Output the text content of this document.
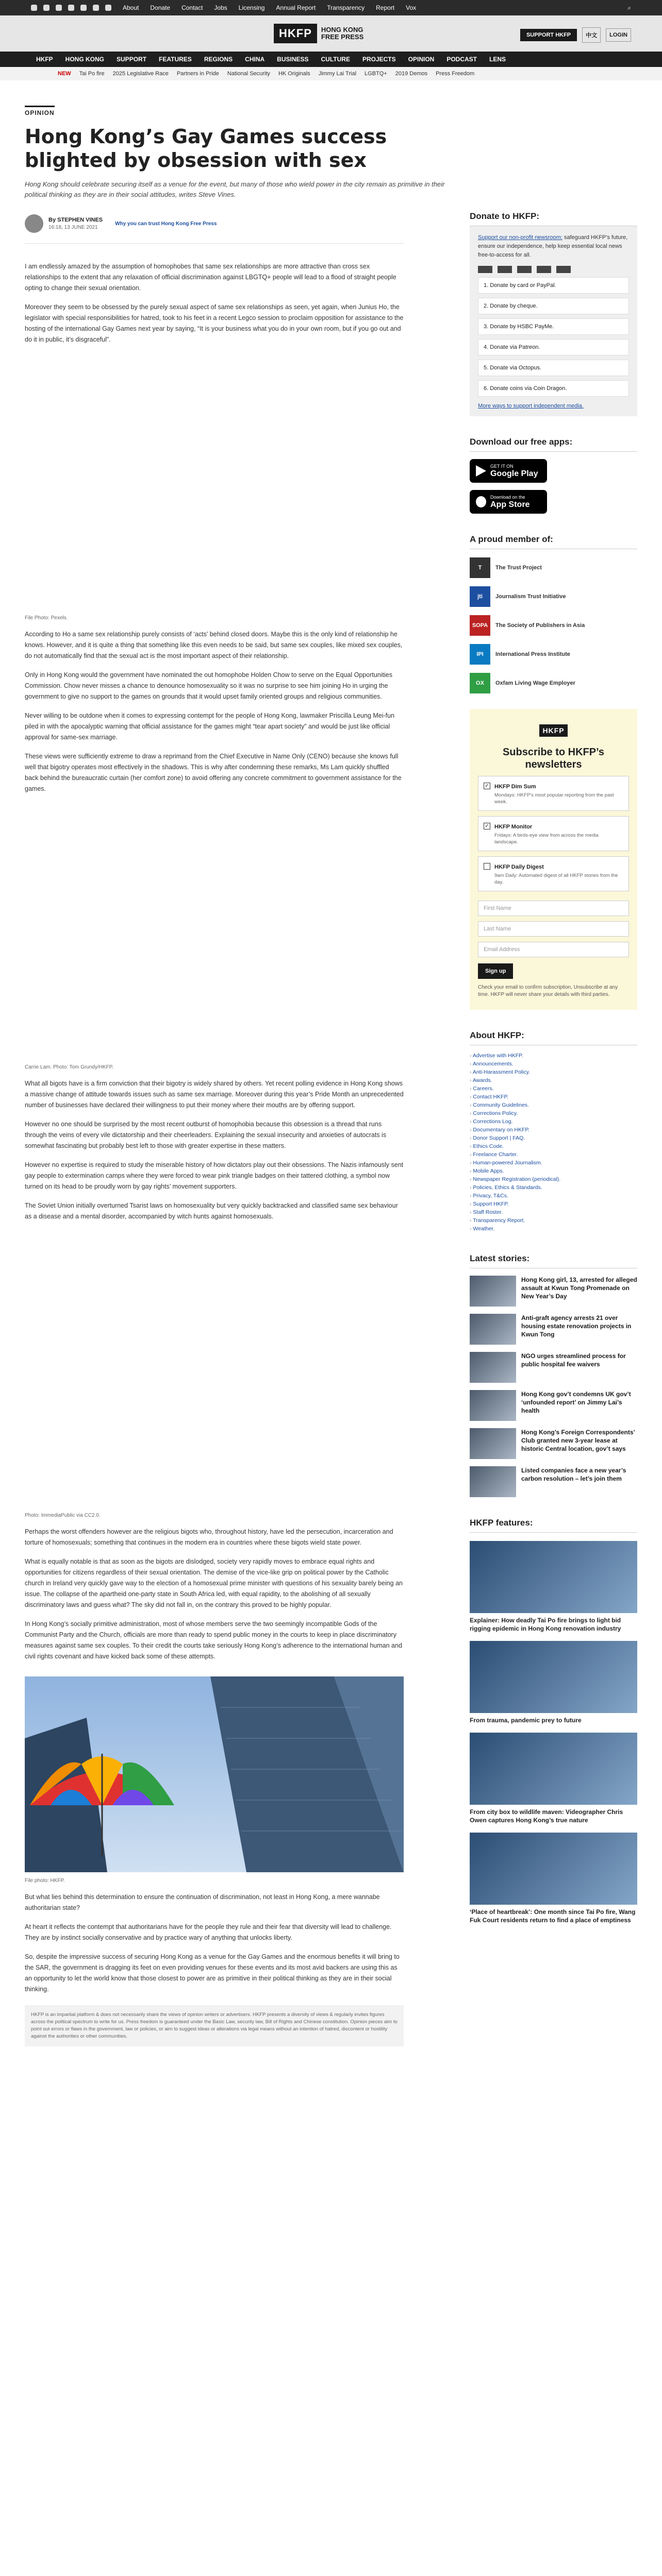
About Donate Contact Jobs Licensing Annual Report Transparency Report Vox	⌕
HKFP	HONG KONG
FREE PRESS	SUPPORT HKFP	中文	LOGIN
HKFP HONG KONG SUPPORT FEATURES REGIONS CHINA BUSINESS CULTURE PROJECTS OPINION PODCAST LENS
NEW Tai Po fire 2025 Legislative Race Partners in Pride National Security HK Originals Jimmy Lai Trial LGBTQ+ 2019 Demos Press Freedom
OPINION
Hong Kong’s Gay Games success blighted by obsession with sex

Hong Kong should celebrate securing itself as a venue for the event, but many of those who wield power in the city remain as primitive in their political thinking as they are in their social attitudes, writes Steve Vines.

By STEPHEN VINES
16:18, 13 JUNE 2021
Why you can trust Hong Kong Free Press

I am endlessly amazed by the assumption of homophobes that same sex relationships are more attractive than cross sex relationships to the extent that any relaxation of official discrimination against LBGTQ+ people will lead to a flood of straight people opting to change their sexual orientation.

Moreover they seem to be obsessed by the purely sexual aspect of same sex relationships as seen, yet again, when Junius Ho, the legislator with special responsibilities for hatred, took to his feet in a recent Legco session to proclaim opposition for assistance to the hosting of the international Gay Games next year by saying, “It is your business what you do in your own room, but if you go out and do it in public, it’s disgraceful”.

File Photo: Pexels.

According to Ho a same sex relationship purely consists of ‘acts’ behind closed doors. Maybe this is the only kind of relationship he knows. However, and it is quite a thing that something like this even needs to be said, but same sex couples, like mixed sex couples, do not automatically find that the sexual act is the most important aspect of their relationship.

Only in Hong Kong would the government have nominated the out homophobe Holden Chow to serve on the Equal Opportunities Commission. Chow never misses a chance to denounce homosexuality so it was no surprise to see him joining Ho in urging the government to give no support to the games on grounds that it would upset family oriented groups and religious communities.

Never willing to be outdone when it comes to expressing contempt for the people of Hong Kong, lawmaker Priscilla Leung Mei-fun piled in with the apocalyptic warning that official assistance for the games might “tear apart society” and would be just like official approval for same-sex marriage.

These views were sufficiently extreme to draw a reprimand from the Chief Executive in Name Only (CENO) because she knows full well that bigotry operates most effectively in the shadows. This is why after condemning these remarks, Ms Lam quickly shuffled back behind the bureaucratic curtain (her comfort zone) to avoid offering any concrete commitment to government assistance for the games.

Carrie Lam. Photo: Tom Grundy/HKFP.

What all bigots have is a firm conviction that their bigotry is widely shared by others. Yet recent polling evidence in Hong Kong shows a massive change of attitude towards issues such as same sex marriage. Moreover during this year’s Pride Month an unprecedented number of businesses have declared their willingness to put their money where their mouths are by offering support.

However no one should be surprised by the most recent outburst of homophobia because this obsession is a thread that runs through the veins of every vile dictatorship and their cheerleaders. Explaining the sexual insecurity and anxieties of autocrats is somewhat fascinating but probably best left to those with greater expertise in these matters.

However no expertise is required to study the miserable history of how dictators play out their obsessions. The Nazis infamously sent gay people to extermination camps where they were forced to wear pink triangle badges on their tattered clothing, a symbol now turned on its head to be proudly worn by gay rights’ movement supporters.

The Soviet Union initially overturned Tsarist laws on homosexuality but very quickly backtracked and classified same sex behaviour as a disease and a mental disorder, accompanied by witch hunts against homosexuals.

Photo: ImmediaPublic via CC2.0.

Perhaps the worst offenders however are the religious bigots who, throughout history, have led the persecution, incarceration and torture of homosexuals; something that continues in the modern era in countries where these bigots wield state power.

What is equally notable is that as soon as the bigots are dislodged, society very rapidly moves to embrace equal rights and opportunities for citizens regardless of their sexual orientation. The demise of the vice-like grip on political power by the Catholic church in Ireland very quickly gave way to the election of a homosexual prime minister with questions of his sexuality barely being an issue. The collapse of the apartheid one-party state in South Africa led, with equal rapidity, to the abolishing of all sexually discriminatory laws and guess what? The sky did not fall in, on the contrary this proved to be highly popular.

In Hong Kong’s socially primitive administration, most of whose members serve the two seemingly incompatible Gods of the Communist Party and the Church, officials are more than ready to spend public money in the courts to keep in place discriminatory measures against same sex couples. To their credit the courts take seriously Hong Kong’s adherence to the international human and civil rights covenant and have kicked back some of these attempts.

File photo: HKFP.

But what lies behind this determination to ensure the continuation of discrimination, not least in Hong Kong, a mere wannabe authoritarian state?

At heart it reflects the contempt that authoritarians have for the people they rule and their fear that diversity will lead to challenge. They are by instinct socially conservative and by practice wary of anything that unlocks liberty.

So, despite the impressive success of securing Hong Kong as a venue for the Gay Games and the enormous benefits it will bring to the SAR, the government is dragging its feet on even providing venues for these events and its most avid backers are using this as an opportunity to let the world know that those closest to power are as primitive in their political thinking as they are in their social thinking.

HKFP is an impartial platform & does not necessarily share the views of opinion writers or advertisers. HKFP presents a diversity of views & regularly invites figures across the political spectrum to write for us. Press freedom is guaranteed under the Basic Law, security law, Bill of Rights and Chinese constitution. Opinion pieces aim to point out errors or flaws in the government, law or policies, or aim to suggest ideas or alterations via legal means without an intention of hatred, discontent or hostility against the authorities or other communities.
Donate to HKFP:

Support our non-profit newsroom: safeguard HKFP’s future, ensure our independence, help keep essential local news free-to-access for all.

1. Donate by card or PayPal.
2. Donate by cheque.
3. Donate by HSBC PayMe.
4. Donate via Patreon.
5. Donate via Octopus.
6. Donate coins via Coin Dragon.
More ways to support independent media.
Download our free apps:
GET IT ON
Google Play
Download on the
App Store
A proud member of:
T	The Trust Project
jti	Journalism Trust Initiative
SOPA	The Society of Publishers in Asia
IPI	International Press Institute
OX	Oxfam Living Wage Employer
HKFP
Subscribe to HKFP’s newsletters
✓ HKFP Dim Sum

Mondays: HKFP’s most popular reporting from the past week.

✓ HKFP Monitor

Fridays: A birds-eye view from across the media landscape.

HKFP Daily Digest

9am Daily: Automated digest of all HKFP stories from the day.

First Name
Last Name
Email Address
Sign up

Check your email to confirm subscription, Unsubscribe at any time. HKFP will never share your details with third parties.

About HKFP:
› Advertise with HKFP.
› Announcements.
› Anti-Harassment Policy.
› Awards.
› Careers.
› Contact HKFP.
› Community Guidelines.
› Corrections Policy.
› Corrections Log.
› Documentary on HKFP.
› Donor Support | FAQ.
› Ethics Code.
› Freelance Charter.
› Human-powered Journalism.
› Mobile Apps.
› Newspaper Registration (periodical).
› Policies, Ethics & Standards.
› Privacy, T&Cs.
› Support HKFP.
› Staff Roster.
› Transparency Report.
› Weather.
Latest stories:

Hong Kong girl, 13, arrested for alleged assault at Kwun Tong Promenade on New Year’s Day

Anti-graft agency arrests 21 over housing estate renovation projects in Kwun Tong

NGO urges streamlined process for public hospital fee waivers

Hong Kong gov’t condemns UK gov’t ‘unfounded report’ on Jimmy Lai’s health

Hong Kong’s Foreign Correspondents’ Club granted new 3-year lease at historic Central location, gov’t says

Listed companies face a new year’s carbon resolution – let’s join them

HKFP features:

Explainer: How deadly Tai Po fire brings to light bid rigging epidemic in Hong Kong renovation industry

From trauma, pandemic prey to future

From city box to wildlife maven: Videographer Chris Owen captures Hong Kong’s true nature

‘Place of heartbreak’: One month since Tai Po fire, Wang Fuk Court residents return to find a place of emptiness
